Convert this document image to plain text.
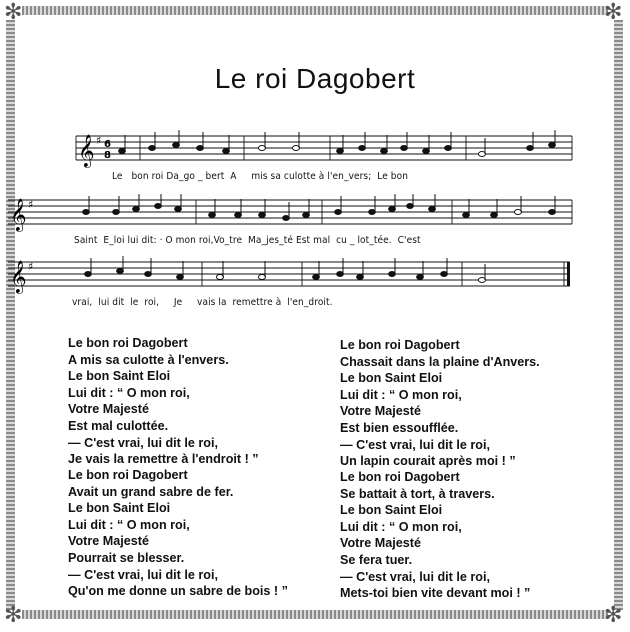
✻	✻
✻	✻
Le roi Dagobert
𝄞 ♯ 6
8
Le   bon roi Da_go _ bert  A     mis sa culotte à l'en_vers;  Le bon
𝄞 ♯
Saint  E_loi lui dit: · O mon roi,Vo_tre  Ma_jes_té Est mal  cu _ lot_tée.  C'est
𝄞 ♯
vrai,  lui dit  le  roi,     Je     vais la  remettre à  l'en_droit.
Le bon roi Dagobert
A mis sa culotte à l'envers.
Le bon Saint Eloi
Lui dit : “ O mon roi,
Votre Majesté
Est mal culottée.
— C'est vrai, lui dit le roi,
Je vais la remettre à l'endroit ! ”
Le bon roi Dagobert
Avait un grand sabre de fer.
Le bon Saint Eloi
Lui dit : “ O mon roi,
Votre Majesté
Pourrait se blesser.
— C'est vrai, lui dit le roi,
Qu'on me donne un sabre de bois ! ”
Le bon roi Dagobert
Chassait dans la plaine d'Anvers.
Le bon Saint Eloi
Lui dit : “ O mon roi,
Votre Majesté
Est bien essoufflée.
— C'est vrai, lui dit le roi,
Un lapin courait après moi ! ”
Le bon roi Dagobert
Se battait à tort, à travers.
Le bon Saint Eloi
Lui dit : “ O mon roi,
Votre Majesté
Se fera tuer.
— C'est vrai, lui dit le roi,
Mets-toi bien vite devant moi ! ”
